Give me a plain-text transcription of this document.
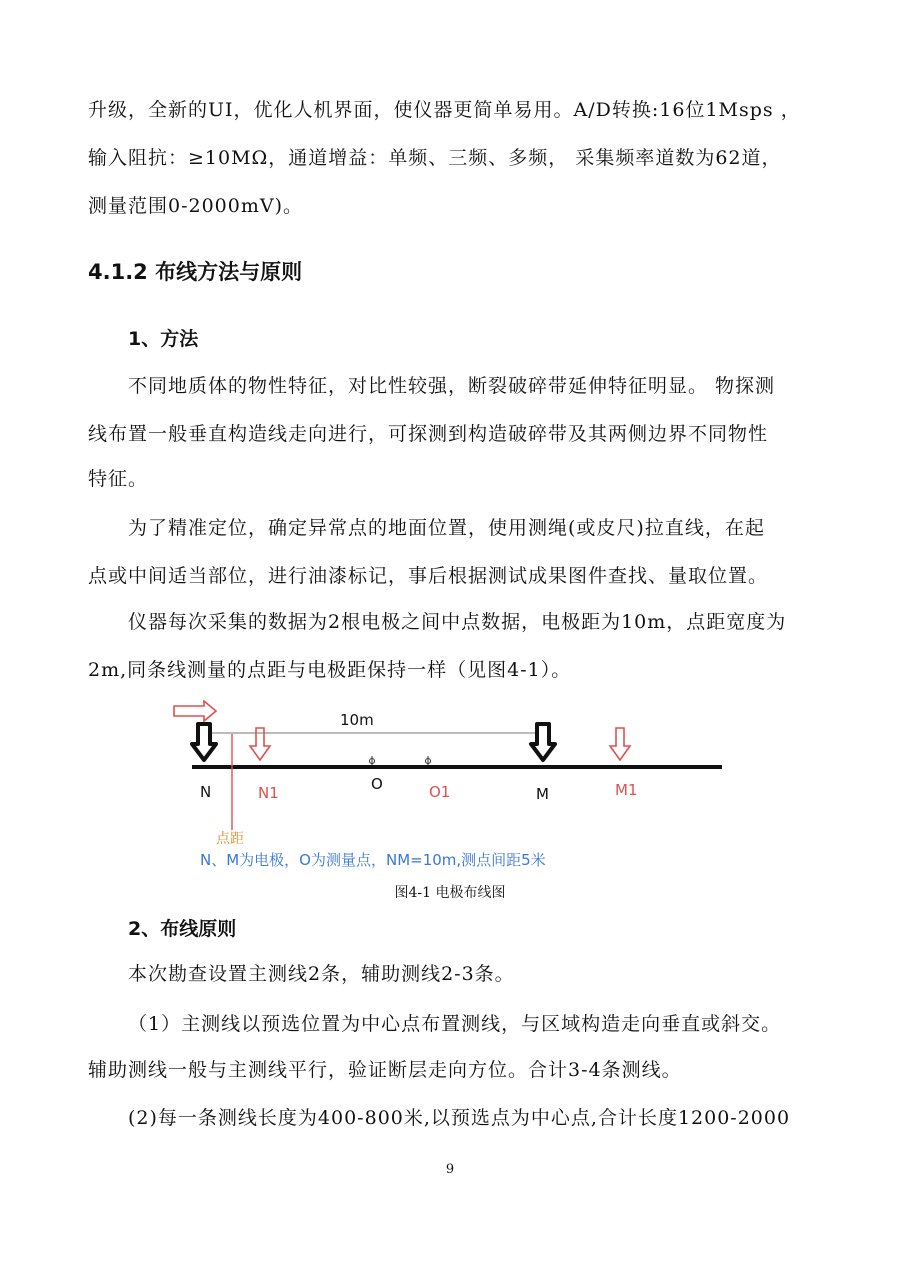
升级，全新的UI，优化人机界面，使仪器更简单易用。A/D转换:16位1Msps ，
输入阻抗：≥10MΩ，通道增益：单频、三频、多频， 采集频率道数为62道，
测量范围0-2000mV)。
4.1.2 布线方法与原则
1、方法
不同地质体的物性特征，对比性较强，断裂破碎带延伸特征明显。 物探测
线布置一般垂直构造线走向进行，可探测到构造破碎带及其两侧边界不同物性
特征。
为了精准定位，确定异常点的地面位置，使用测绳(或皮尺)拉直线，在起
点或中间适当部位，进行油漆标记，事后根据测试成果图件查找、量取位置。
仪器每次采集的数据为2根电极之间中点数据，电极距为10m，点距宽度为
2m,同条线测量的点距与电极距保持一样（见图4-1）。
10m
N	N1	O	O1	M	M1
点距
N、M为电极，O为测量点，NM=10m,测点间距5米
图4-1 电极布线图
2、布线原则
本次勘查设置主测线2条，辅助测线2-3条。
（1）主测线以预选位置为中心点布置测线，与区域构造走向垂直或斜交。
辅助测线一般与主测线平行，验证断层走向方位。合计3-4条测线。
(2)每一条测线长度为400-800米,以预选点为中心点,合计长度1200-2000
9
